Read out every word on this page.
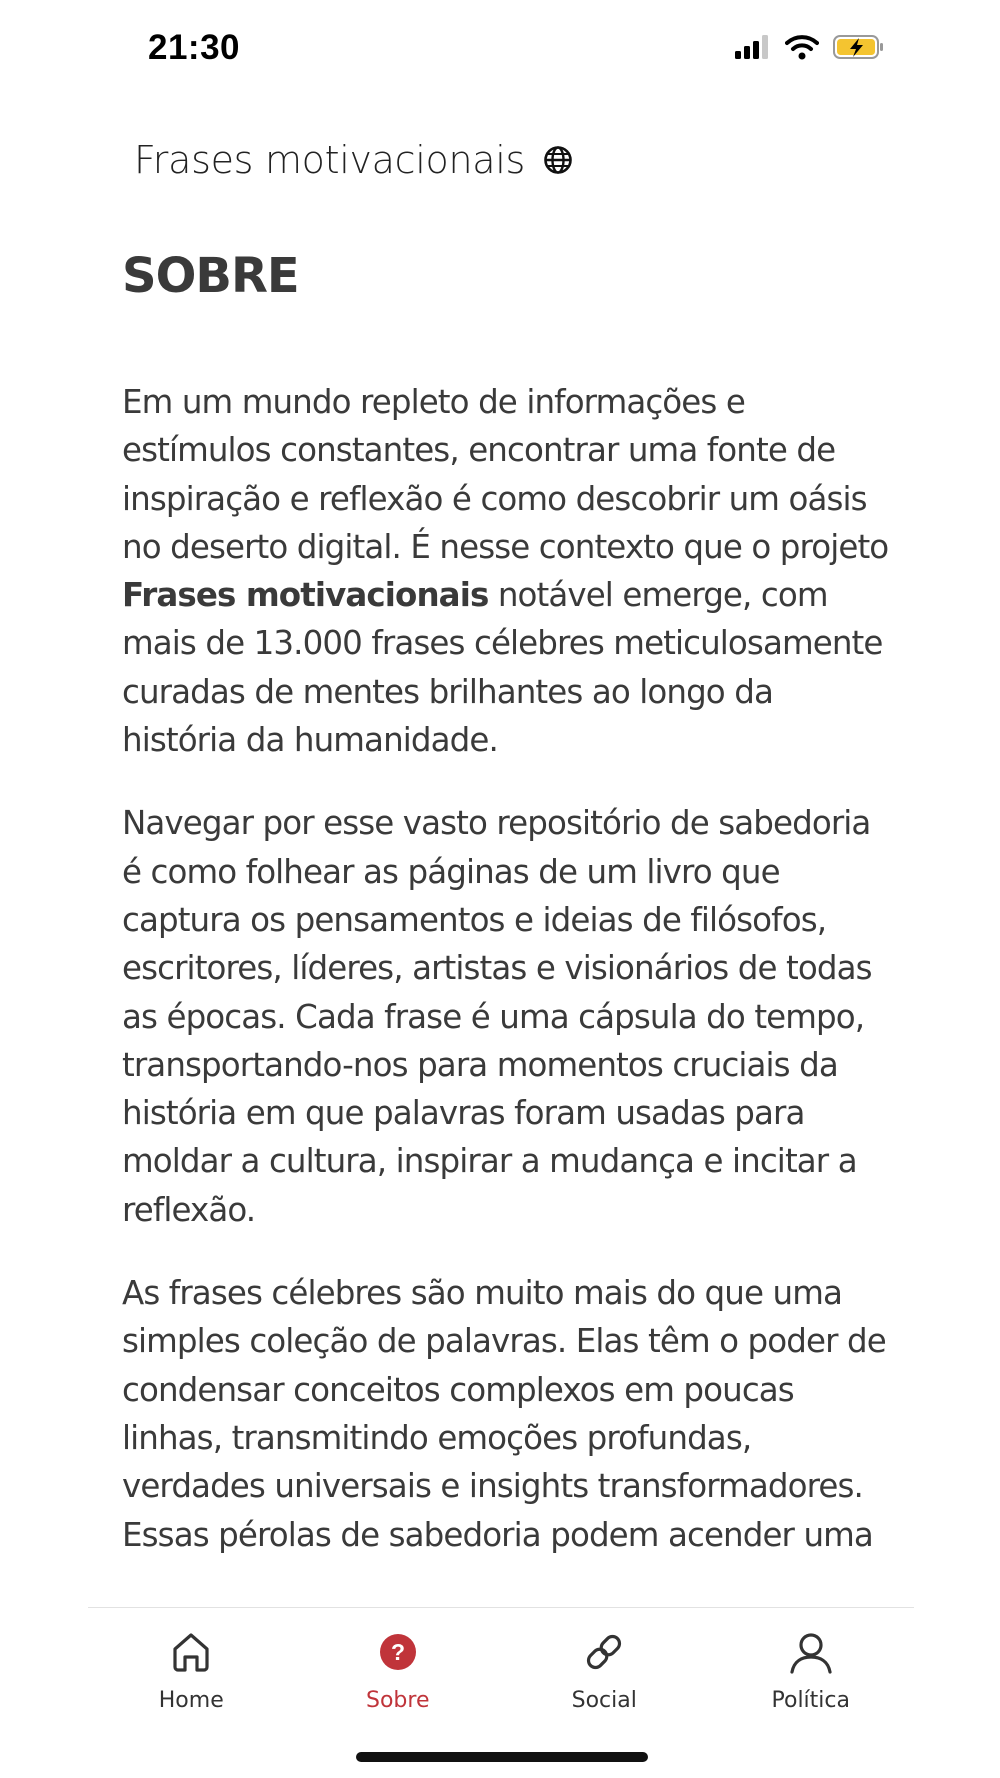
21:30
Frases motivacionais
SOBRE

Em um mundo repleto de informações e estímulos constantes, encontrar uma fonte de inspiração e reflexão é como descobrir um oásis no deserto digital. É nesse contexto que o projeto Frases motivacionais notável emerge, com mais de 13.000 frases célebres meticulosamente curadas de mentes brilhantes ao longo da história da humanidade.

Navegar por esse vasto repositório de sabedoria é como folhear as páginas de um livro que captura os pensamentos e ideias de filósofos, escritores, líderes, artistas e visionários de todas as épocas. Cada frase é uma cápsula do tempo, transportando-nos para momentos cruciais da história em que palavras foram usadas para moldar a cultura, inspirar a mudança e incitar a reflexão.

As frases célebres são muito mais do que uma simples coleção de palavras. Elas têm o poder de condensar conceitos complexos em poucas linhas, transmitindo emoções profundas, verdades universais e insights transformadores. Essas pérolas de sabedoria podem acender uma

Home
?
Sobre	Social	Política
